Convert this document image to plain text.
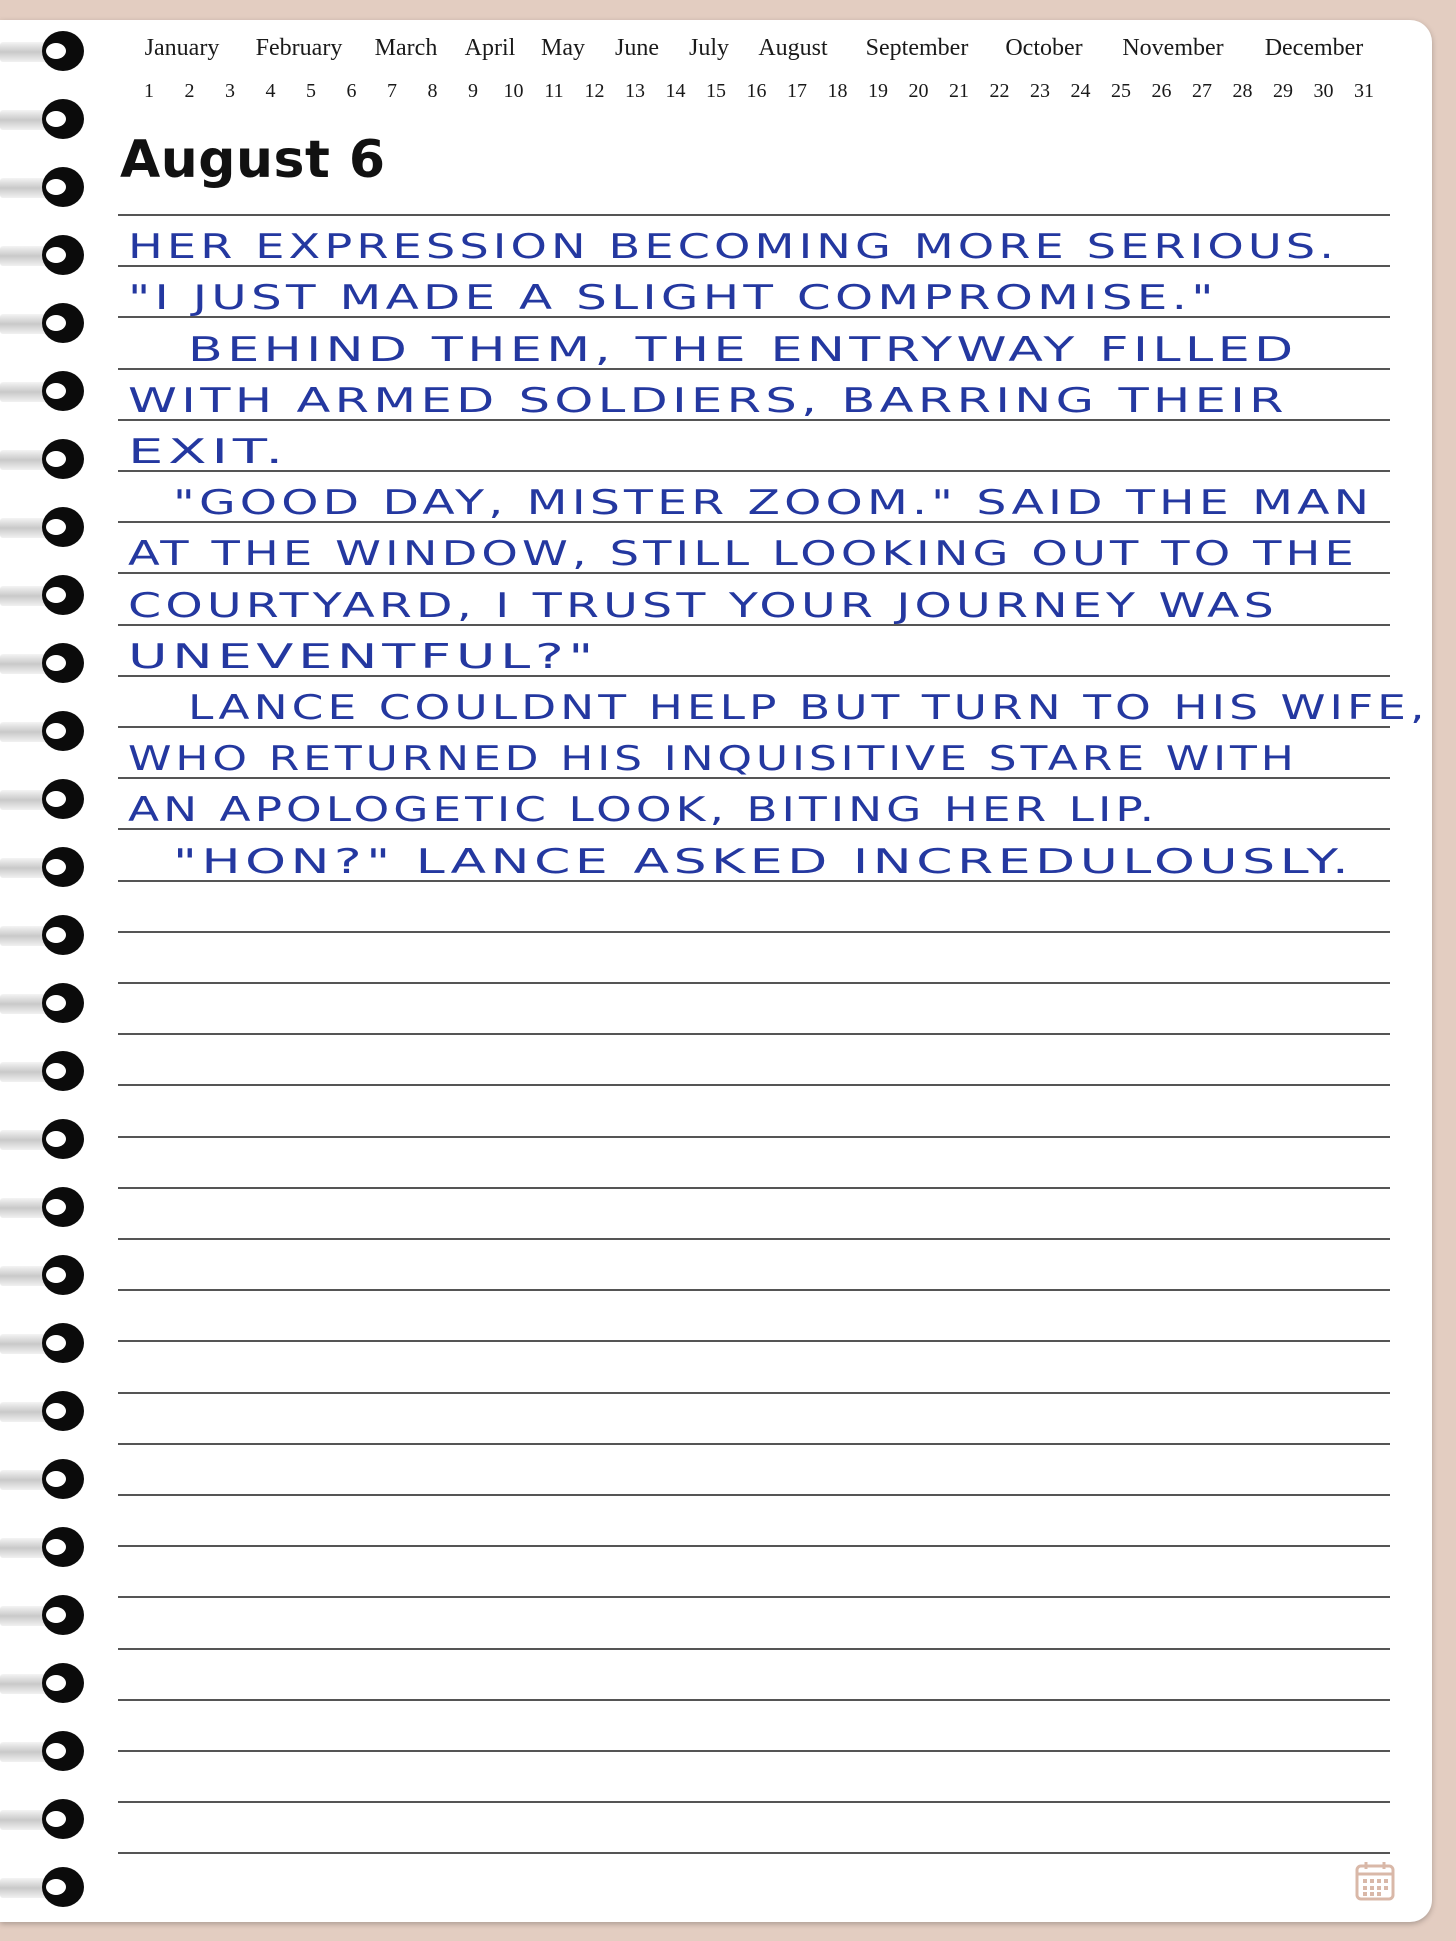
January February March April May June July August September October November December
1 2 3 4 5 6 7 8 9 10 11 12 13 14 15 16 17 18 19 20 21 22 23 24 25 26 27 28 29 30 31
August 6
HER EXPRESSION BECOMING MORE SERIOUS.
"I JUST MADE A SLIGHT COMPROMISE."
BEHIND THEM, THE ENTRYWAY FILLED
WITH ARMED SOLDIERS, BARRING THEIR
EXIT.
"GOOD DAY, MISTER ZOOM." SAID THE MAN
AT THE WINDOW, STILL LOOKING OUT TO THE
COURTYARD, I TRUST YOUR JOURNEY WAS
UNEVENTFUL?"
LANCE COULDNT HELP BUT TURN TO HIS WIFE,
WHO RETURNED HIS INQUISITIVE STARE WITH
AN APOLOGETIC LOOK, BITING HER LIP.
"HON?" LANCE ASKED INCREDULOUSLY.
